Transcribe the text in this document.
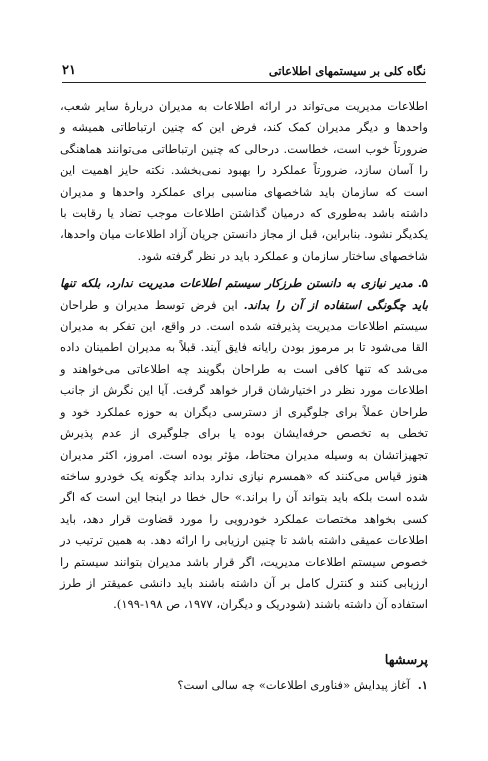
۲۱	نگاه کلی بر سیستمهای اطلاعاتی

اطلاعات مدیریت می‌تواند در ارائه اطلاعات به مدیران دربارهٔ سایر شعب، واحدها و دیگر مدیران کمک کند، فرض این که چنین ارتباطاتی همیشه و ضرورتاً خوب است، خطاست. درحالی که چنین ارتباطاتی می‌توانند هماهنگی را آسان سازد، ضرورتاً عملکرد را بهبود نمی‌بخشد. نکته حایز اهمیت این است که سازمان باید شاخصهای مناسبی برای عملکرد واحدها و مدیران داشته باشد به‌طوری که درمیان گذاشتن اطلاعات موجب تضاد یا رقابت با یکدیگر نشود. بنابراین، قبل از مجاز دانستن جریان آزاد اطلاعات میان واحدها، شاخصهای ساختار سازمان و عملکرد باید در نظر گرفته شود.

۵. مدیر نیازی به دانستن طرزکار سیستم اطلاعات مدیریت ندارد، بلکه تنها باید چگونگی استفاده از آن را بداند. این فرض توسط مدیران و طراحان سیستم اطلاعات مدیریت پذیرفته شده است. در واقع، این تفکر به مدیران القا می‌شود تا بر مرموز بودن رایانه فایق آیند. قبلاً به مدیران اطمینان داده می‌شد که تنها کافی است به طراحان بگویند چه اطلاعاتی می‌خواهند و اطلاعات مورد نظر در اختیارشان قرار خواهد گرفت. آیا این نگرش از جانب طراحان عملاً برای جلوگیری از دسترسی دیگران به حوزه عملکرد خود و تخطی به تخصص حرفه‌ایشان بوده یا برای جلوگیری از عدم پذیرش تجهیزاتشان به وسیله مدیران محتاط، مؤثر بوده است. امروز، اکثر مدیران هنوز قیاس می‌کنند که «همسرم نیازی ندارد بداند چگونه یک خودرو ساخته شده است بلکه باید بتواند آن را براند.» حال خطا در اینجا این است که اگر کسی بخواهد مختصات عملکرد خودرویی را مورد قضاوت قرار دهد، باید اطلاعات عمیقی داشته باشد تا چنین ارزیابی را ارائه دهد. به همین ترتیب در خصوص سیستم اطلاعات مدیریت، اگر قرار باشد مدیران بتوانند سیستم را ارزیابی کنند و کنترل کامل بر آن داشته باشند باید دانشی عمیقتر از طرز استفاده آن داشته باشند (شودریک و دیگران، ۱۹۷۷، ص ۱۹۸-۱۹۹).

پرسشها

۱. آغاز پیدایش «فناوری اطلاعات» چه سالی است؟
